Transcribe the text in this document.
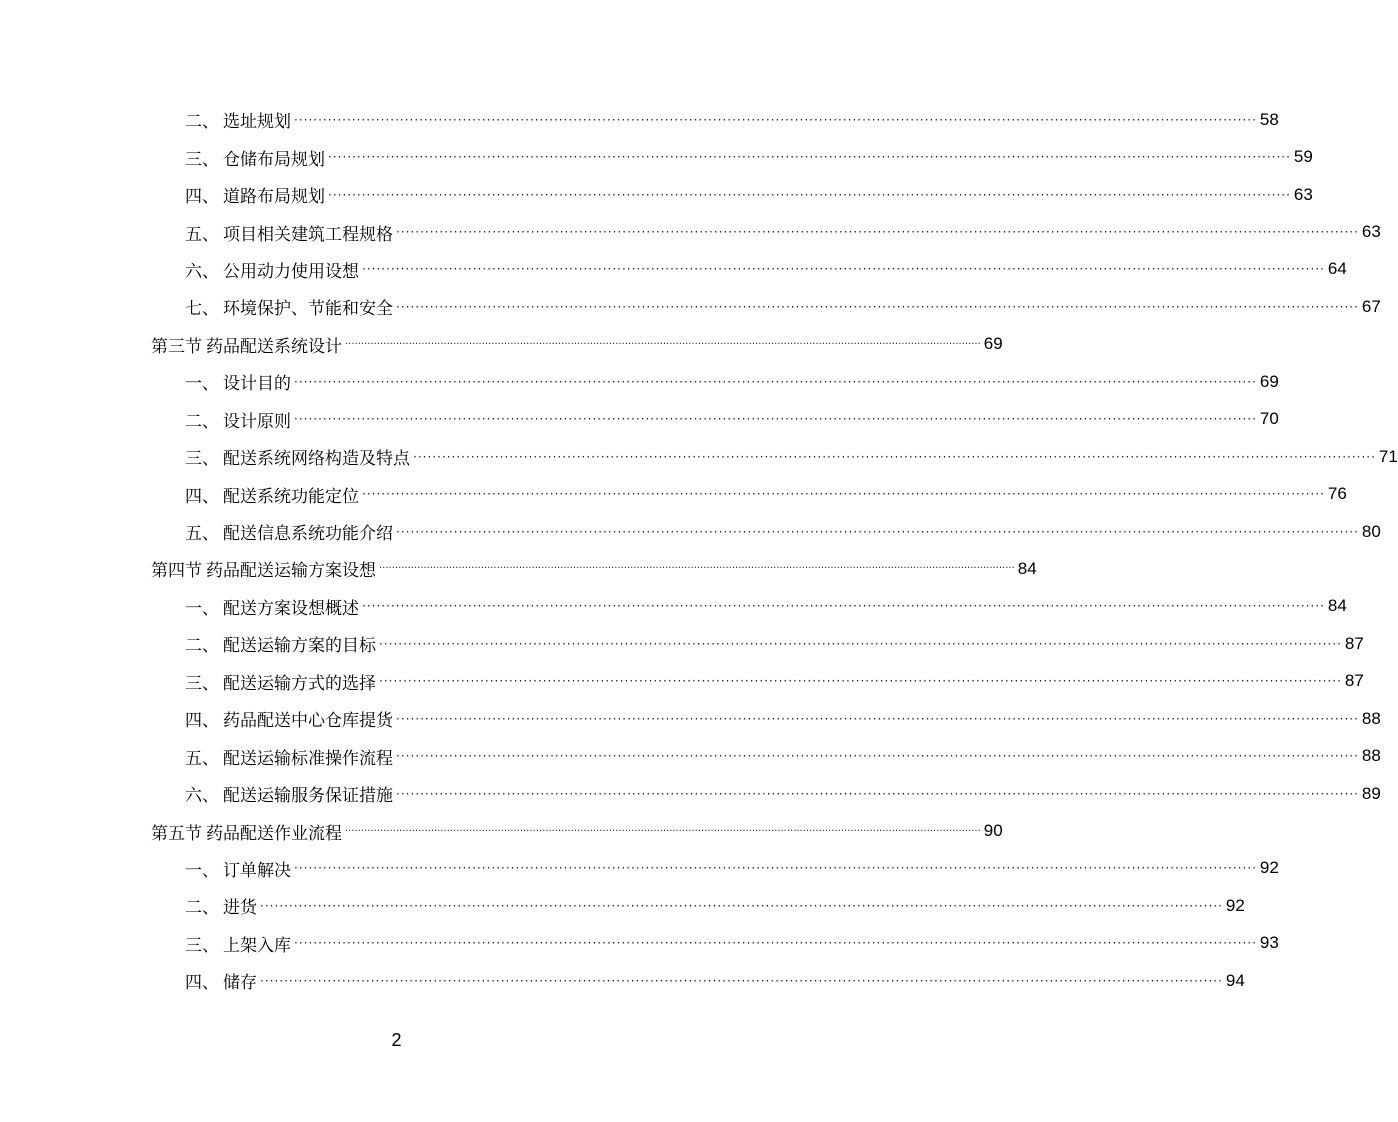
二、 选址规划 ········································································································································································································ 58
三、 仓储布局规划 ········································································································································································································ 59
四、 道路布局规划 ········································································································································································································ 63
五、 项目相关建筑工程规格 ········································································································································································································ 63
六、 公用动力使用设想 ········································································································································································································ 64
七、 环境保护、节能和安全 ········································································································································································································ 67
第三节 药品配送系统设计 ········································································································································································································ 69
一、 设计目的 ········································································································································································································ 69
二、 设计原则 ········································································································································································································ 70
三、 配送系统网络构造及特点 ········································································································································································································ 71
四、 配送系统功能定位 ········································································································································································································ 76
五、 配送信息系统功能介绍 ········································································································································································································ 80
第四节 药品配送运输方案设想 ········································································································································································································ 84
一、 配送方案设想概述 ········································································································································································································ 84
二、 配送运输方案的目标 ········································································································································································································ 87
三、 配送运输方式的选择 ········································································································································································································ 87
四、 药品配送中心仓库提货 ········································································································································································································ 88
五、 配送运输标准操作流程 ········································································································································································································ 88
六、 配送运输服务保证措施 ········································································································································································································ 89
第五节 药品配送作业流程 ········································································································································································································ 90
一、 订单解决 ········································································································································································································ 92
二、 进货 ········································································································································································································ 92
三、 上架入库 ········································································································································································································ 93
四、 储存 ········································································································································································································ 94
2
